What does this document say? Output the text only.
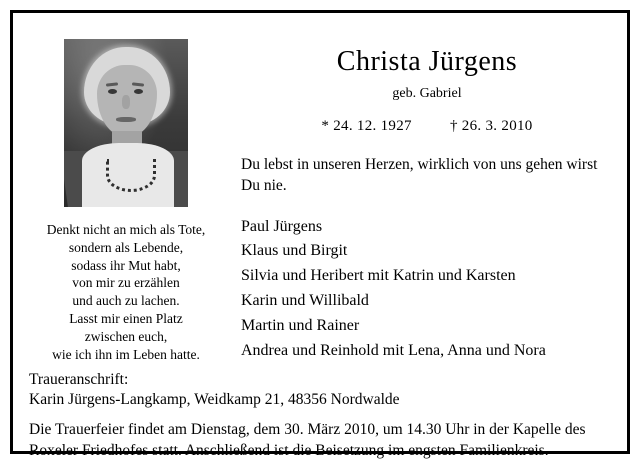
Denkt nicht an mich als Tote,
sondern als Lebende,
sodass ihr Mut habt,
von mir zu erzählen
und auch zu lachen.
Lasst mir einen Platz
zwischen euch,
wie ich ihn im Leben hatte.
Christa Jürgens
geb. Gabriel
* 24. 12. 1927	† 26. 3. 2010
Du lebst in unseren Herzen, wirklich von uns gehen wirst Du nie.
Paul Jürgens
Klaus und Birgit
Silvia und Heribert mit Katrin und Karsten
Karin und Willibald
Martin und Rainer
Andrea und Reinhold mit Lena, Anna und Nora
Traueranschrift:
Karin Jürgens-Langkamp, Weidkamp 21, 48356 Nordwalde
Die Trauerfeier findet am Dienstag, dem 30. März 2010, um 14.30 Uhr in der Kapelle des Roxeler Friedhofes statt. Anschließend ist die Beisetzung im engsten Familienkreis.
